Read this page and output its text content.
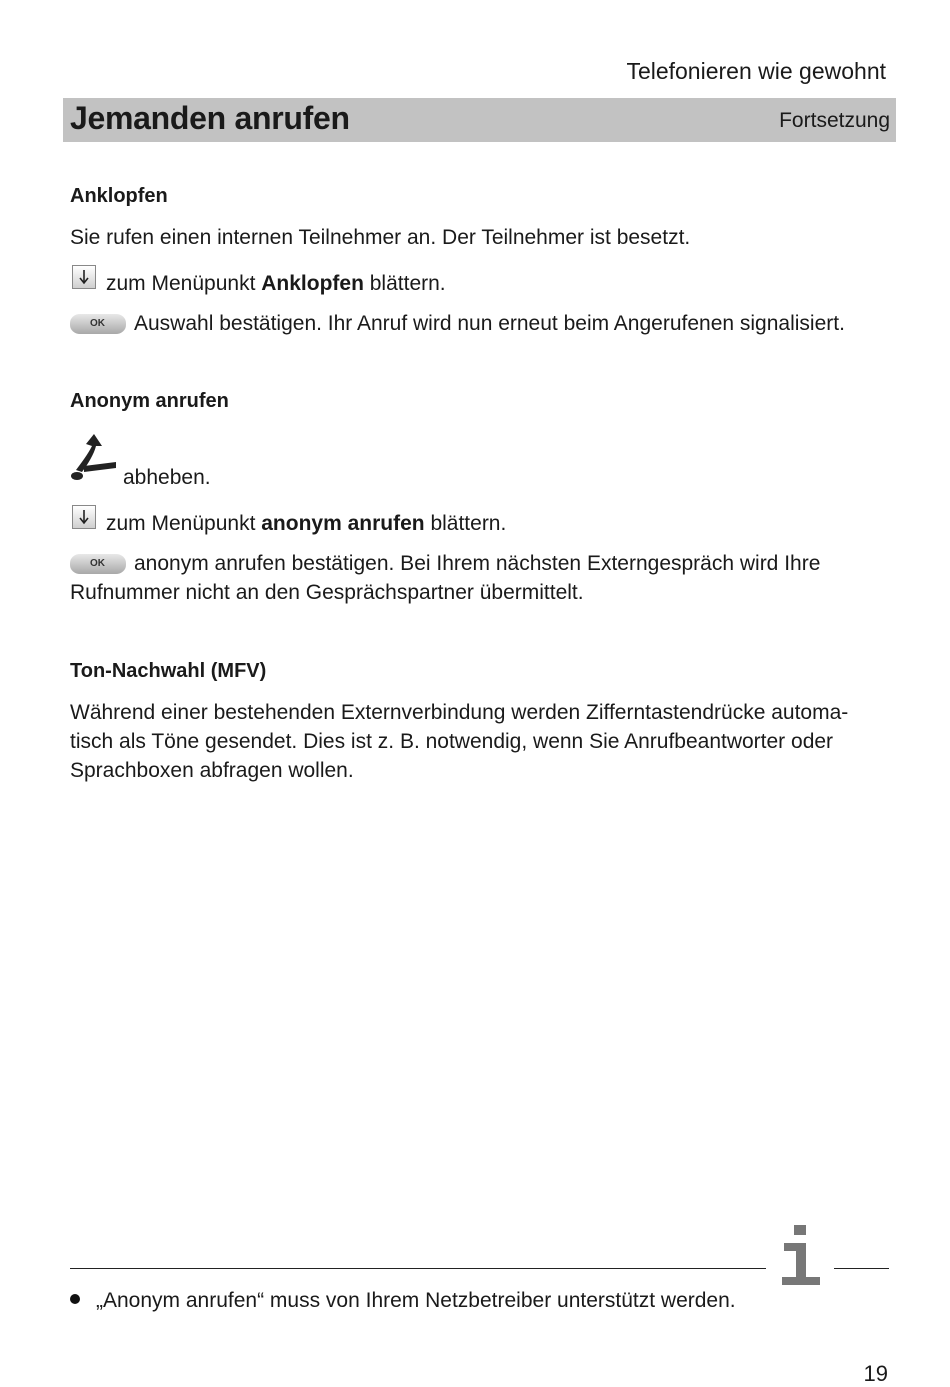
Telefonieren wie gewohnt
Jemanden anrufen	Fortsetzung
Anklopfen
Sie rufen einen internen Teilnehmer an. Der Teilnehmer ist besetzt.
zum Menüpunkt Anklopfen blättern.
OK Auswahl bestätigen. Ihr Anruf wird nun erneut beim Angerufenen signalisiert.
Anonym anrufen
abheben.
zum Menüpunkt anonym anrufen blättern.
OK anonym anrufen bestätigen. Bei Ihrem nächsten Externgespräch wird Ihre
Rufnummer nicht an den Gesprächspartner übermittelt.
Ton-Nachwahl (MFV)
Während einer bestehenden Externverbindung werden Zifferntastendrücke automa-
tisch als Töne gesendet. Dies ist z. B. notwendig, wenn Sie Anrufbeantworter oder
Sprachboxen abfragen wollen.
„Anonym anrufen“ muss von Ihrem Netzbetreiber unterstützt werden.
19
